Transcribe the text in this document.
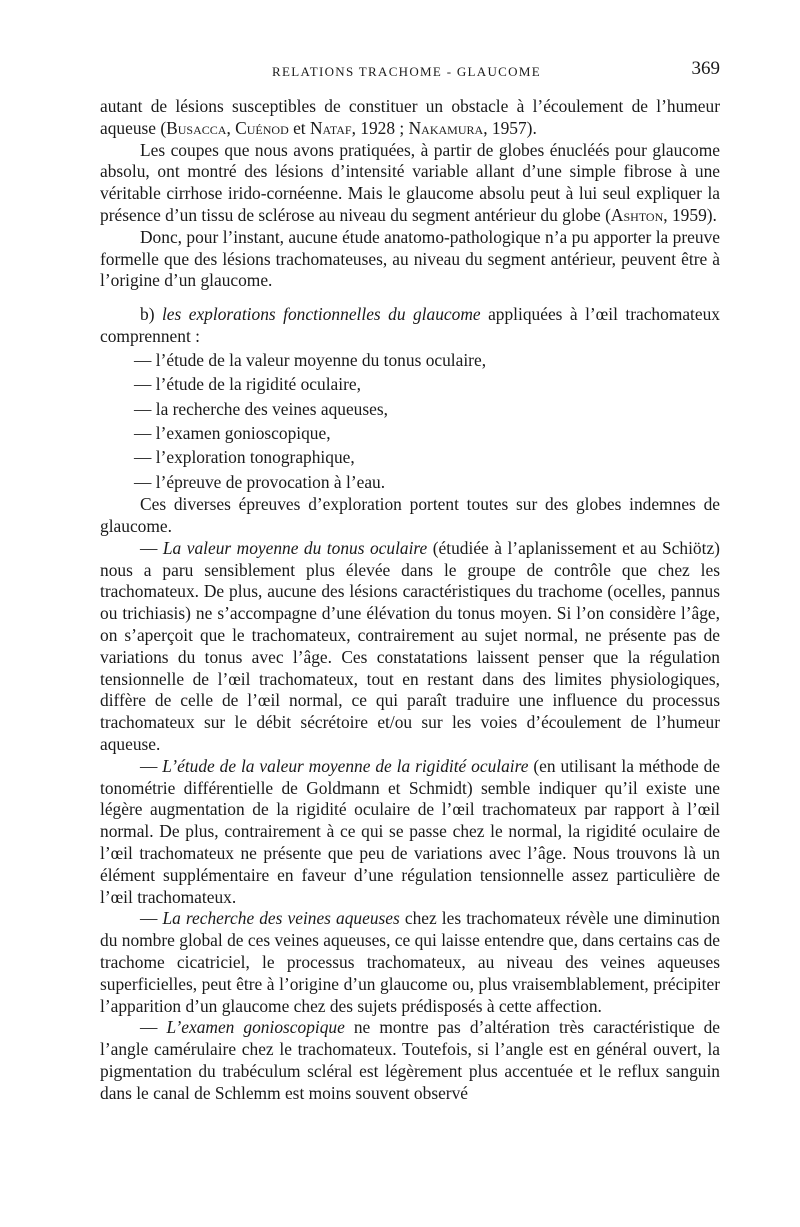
RELATIONS TRACHOME - GLAUCOME	369

autant de lésions susceptibles de constituer un obstacle à l’écoulement de l’humeur aqueuse (Busacca, Cuénod et Nataf, 1928 ; Nakamura, 1957).

Les coupes que nous avons pratiquées, à partir de globes énucléés pour glaucome absolu, ont montré des lésions d’intensité variable allant d’une simple fibrose à une véritable cirrhose irido-cornéenne. Mais le glaucome absolu peut à lui seul expliquer la présence d’un tissu de sclérose au niveau du segment antérieur du globe (Ashton, 1959).

Donc, pour l’instant, aucune étude anatomo-pathologique n’a pu apporter la preuve formelle que des lésions trachomateuses, au niveau du segment antérieur, peuvent être à l’origine d’un glaucome.

b) les explorations fonctionnelles du glaucome appliquées à l’œil trachomateux comprennent :

— l’étude de la valeur moyenne du tonus oculaire,

— l’étude de la rigidité oculaire,

— la recherche des veines aqueuses,

— l’examen gonioscopique,

— l’exploration tonographique,

— l’épreuve de provocation à l’eau.

Ces diverses épreuves d’exploration portent toutes sur des globes indemnes de glaucome.

— La valeur moyenne du tonus oculaire (étudiée à l’aplanissement et au Schiötz) nous a paru sensiblement plus élevée dans le groupe de contrôle que chez les trachomateux. De plus, aucune des lésions caractéristiques du trachome (ocelles, pannus ou trichiasis) ne s’accompagne d’une élévation du tonus moyen. Si l’on considère l’âge, on s’aperçoit que le trachomateux, contrairement au sujet normal, ne présente pas de variations du tonus avec l’âge. Ces constatations laissent penser que la régulation tensionnelle de l’œil trachomateux, tout en restant dans des limites physiologiques, diffère de celle de l’œil normal, ce qui paraît traduire une influence du processus trachomateux sur le débit sécrétoire et/ou sur les voies d’écoulement de l’humeur aqueuse.

— L’étude de la valeur moyenne de la rigidité oculaire (en utilisant la méthode de tonométrie différentielle de Goldmann et Schmidt) semble indiquer qu’il existe une légère augmentation de la rigidité oculaire de l’œil trachomateux par rapport à l’œil normal. De plus, contrairement à ce qui se passe chez le normal, la rigidité oculaire de l’œil trachomateux ne présente que peu de variations avec l’âge. Nous trouvons là un élément supplémentaire en faveur d’une régulation tensionnelle assez particulière de l’œil trachomateux.

— La recherche des veines aqueuses chez les trachomateux révèle une diminution du nombre global de ces veines aqueuses, ce qui laisse entendre que, dans certains cas de trachome cicatriciel, le processus trachomateux, au niveau des veines aqueuses superficielles, peut être à l’origine d’un glaucome ou, plus vraisemblablement, précipiter l’apparition d’un glaucome chez des sujets prédisposés à cette affection.

— L’examen gonioscopique ne montre pas d’altération très caractéristique de l’angle camérulaire chez le trachomateux. Toutefois, si l’angle est en général ouvert, la pigmentation du trabéculum scléral est légèrement plus accentuée et le reflux sanguin dans le canal de Schlemm est moins souvent observé
